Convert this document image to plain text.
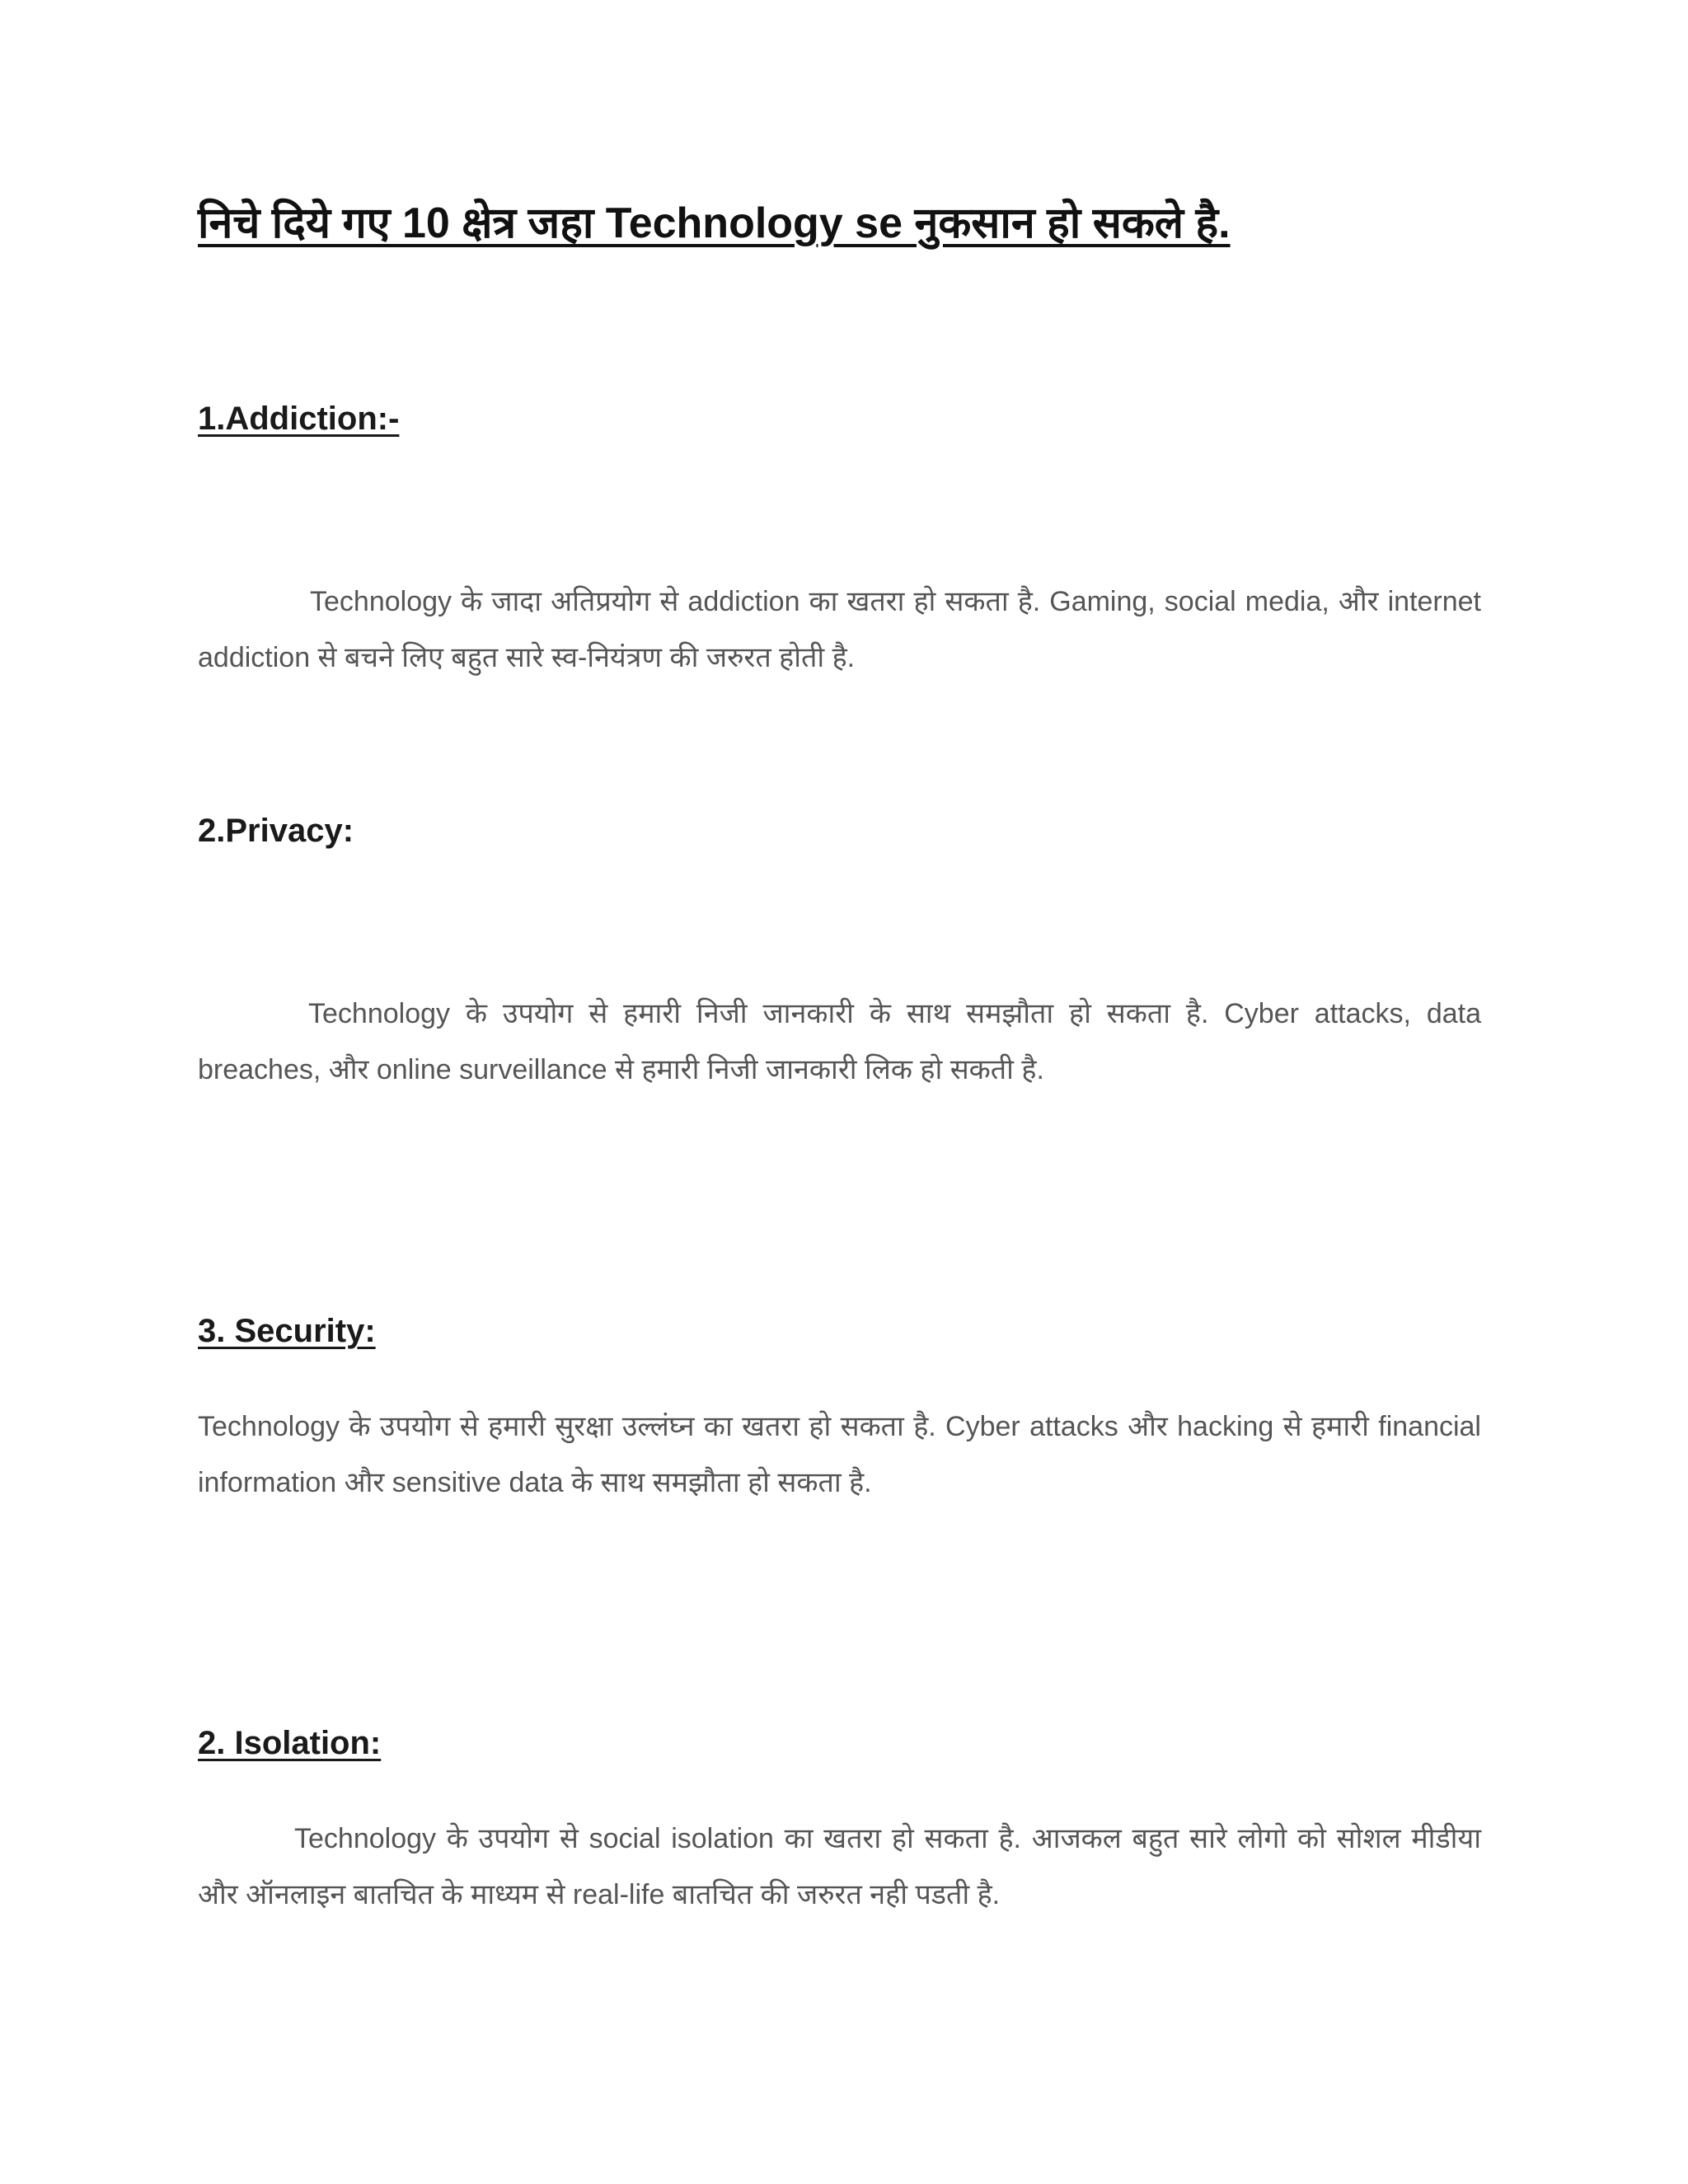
निचे दिये गए 10 क्षेत्र जहा Technology se नुकसान हो सकले है.
1.Addiction:-

Technology के जादा अतिप्रयोग से addiction का खतरा हो सकता है. Gaming, social media, और internet addiction से बचने लिए बहुत सारे स्व-नियंत्रण की जरुरत होती है.

2.Privacy:

Technology के उपयोग से हमारी निजी जानकारी के साथ समझौता हो सकता है. Cyber attacks, data breaches, और online surveillance से हमारी निजी जानकारी लिक हो सकती है.

3. Security:

Technology के उपयोग से हमारी सुरक्षा उल्लंघ्न का खतरा हो सकता है. Cyber attacks और hacking से हमारी financial information और sensitive data के साथ समझौता हो सकता है.

2. Isolation:

Technology के उपयोग से social isolation का खतरा हो सकता है. आजकल बहुत सारे लोगो को सोशल मीडीया और ऑनलाइन बातचित के माध्यम से real-life बातचित की जरुरत नही पडती है.
